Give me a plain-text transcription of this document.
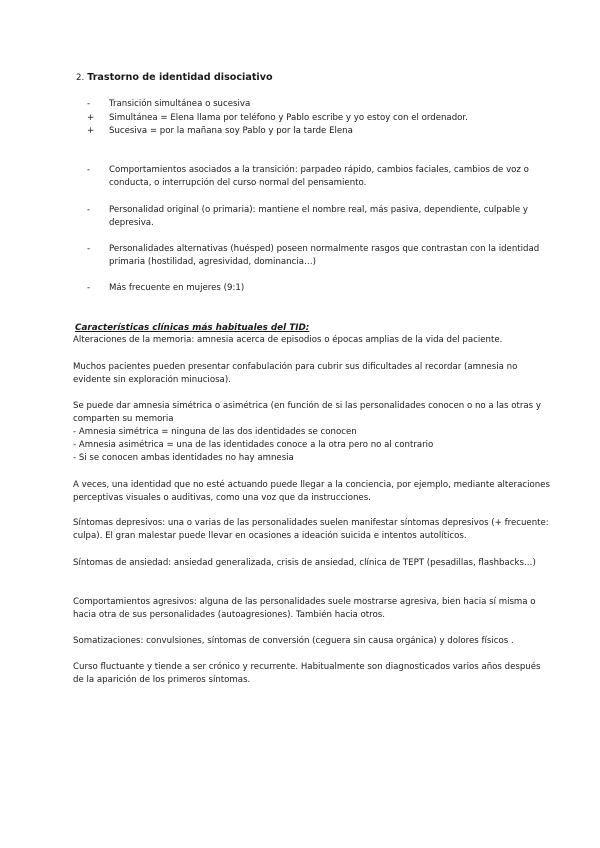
2. Trastorno de identidad disociativo
-	Transición simultánea o sucesiva
+	Simultánea = Elena llama por teléfono y Pablo escribe y yo estoy con el ordenador.
+	Sucesiva = por la mañana soy Pablo y por la tarde Elena
-	Comportamientos asociados a la transición: parpadeo rápido, cambios faciales, cambios de voz o conducta, o interrupción del curso normal del pensamiento.
-	Personalidad original (o primaria): mantiene el nombre real, más pasiva, dependiente, culpable y depresiva.
-	Personalidades alternativas (huésped) poseen normalmente rasgos que contrastan con la identidad primaria (hostilidad, agresividad, dominancia…)
-	Más frecuente en mujeres (9:1)
Características clínicas más habituales del TID:
Alteraciones de la memoria: amnesia acerca de episodios o épocas amplias de la vida del paciente.
Muchos pacientes pueden presentar confabulación para cubrir sus dificultades al recordar (amnesia no evidente sin exploración minuciosa).
Se puede dar amnesia simétrica o asimétrica (en función de si las personalidades conocen o no a las otras y comparten su memoria
- Amnesia simétrica = ninguna de las dos identidades se conocen
- Amnesia asimétrica = una de las identidades conoce a la otra pero no al contrario
- Si se conocen ambas identidades no hay amnesia
A veces, una identidad que no esté actuando puede llegar a la conciencia, por ejemplo, mediante alteraciones perceptivas visuales o auditivas, como una voz que da instrucciones.
Síntomas depresivos: una o varias de las personalidades suelen manifestar síntomas depresivos (+ frecuente: culpa). El gran malestar puede llevar en ocasiones a ideación suicida e intentos autolíticos.
Síntomas de ansiedad: ansiedad generalizada, crisis de ansiedad, clínica de TEPT (pesadillas, flashbacks…)
Comportamientos agresivos: alguna de las personalidades suele mostrarse agresiva, bien hacia sí misma o hacia otra de sus personalidades (autoagresiones). También hacia otros.
Somatizaciones: convulsiones, síntomas de conversión (ceguera sin causa orgánica) y dolores físicos .
Curso fluctuante y tiende a ser crónico y recurrente. Habitualmente son diagnosticados varios años después de la aparición de los primeros síntomas.
